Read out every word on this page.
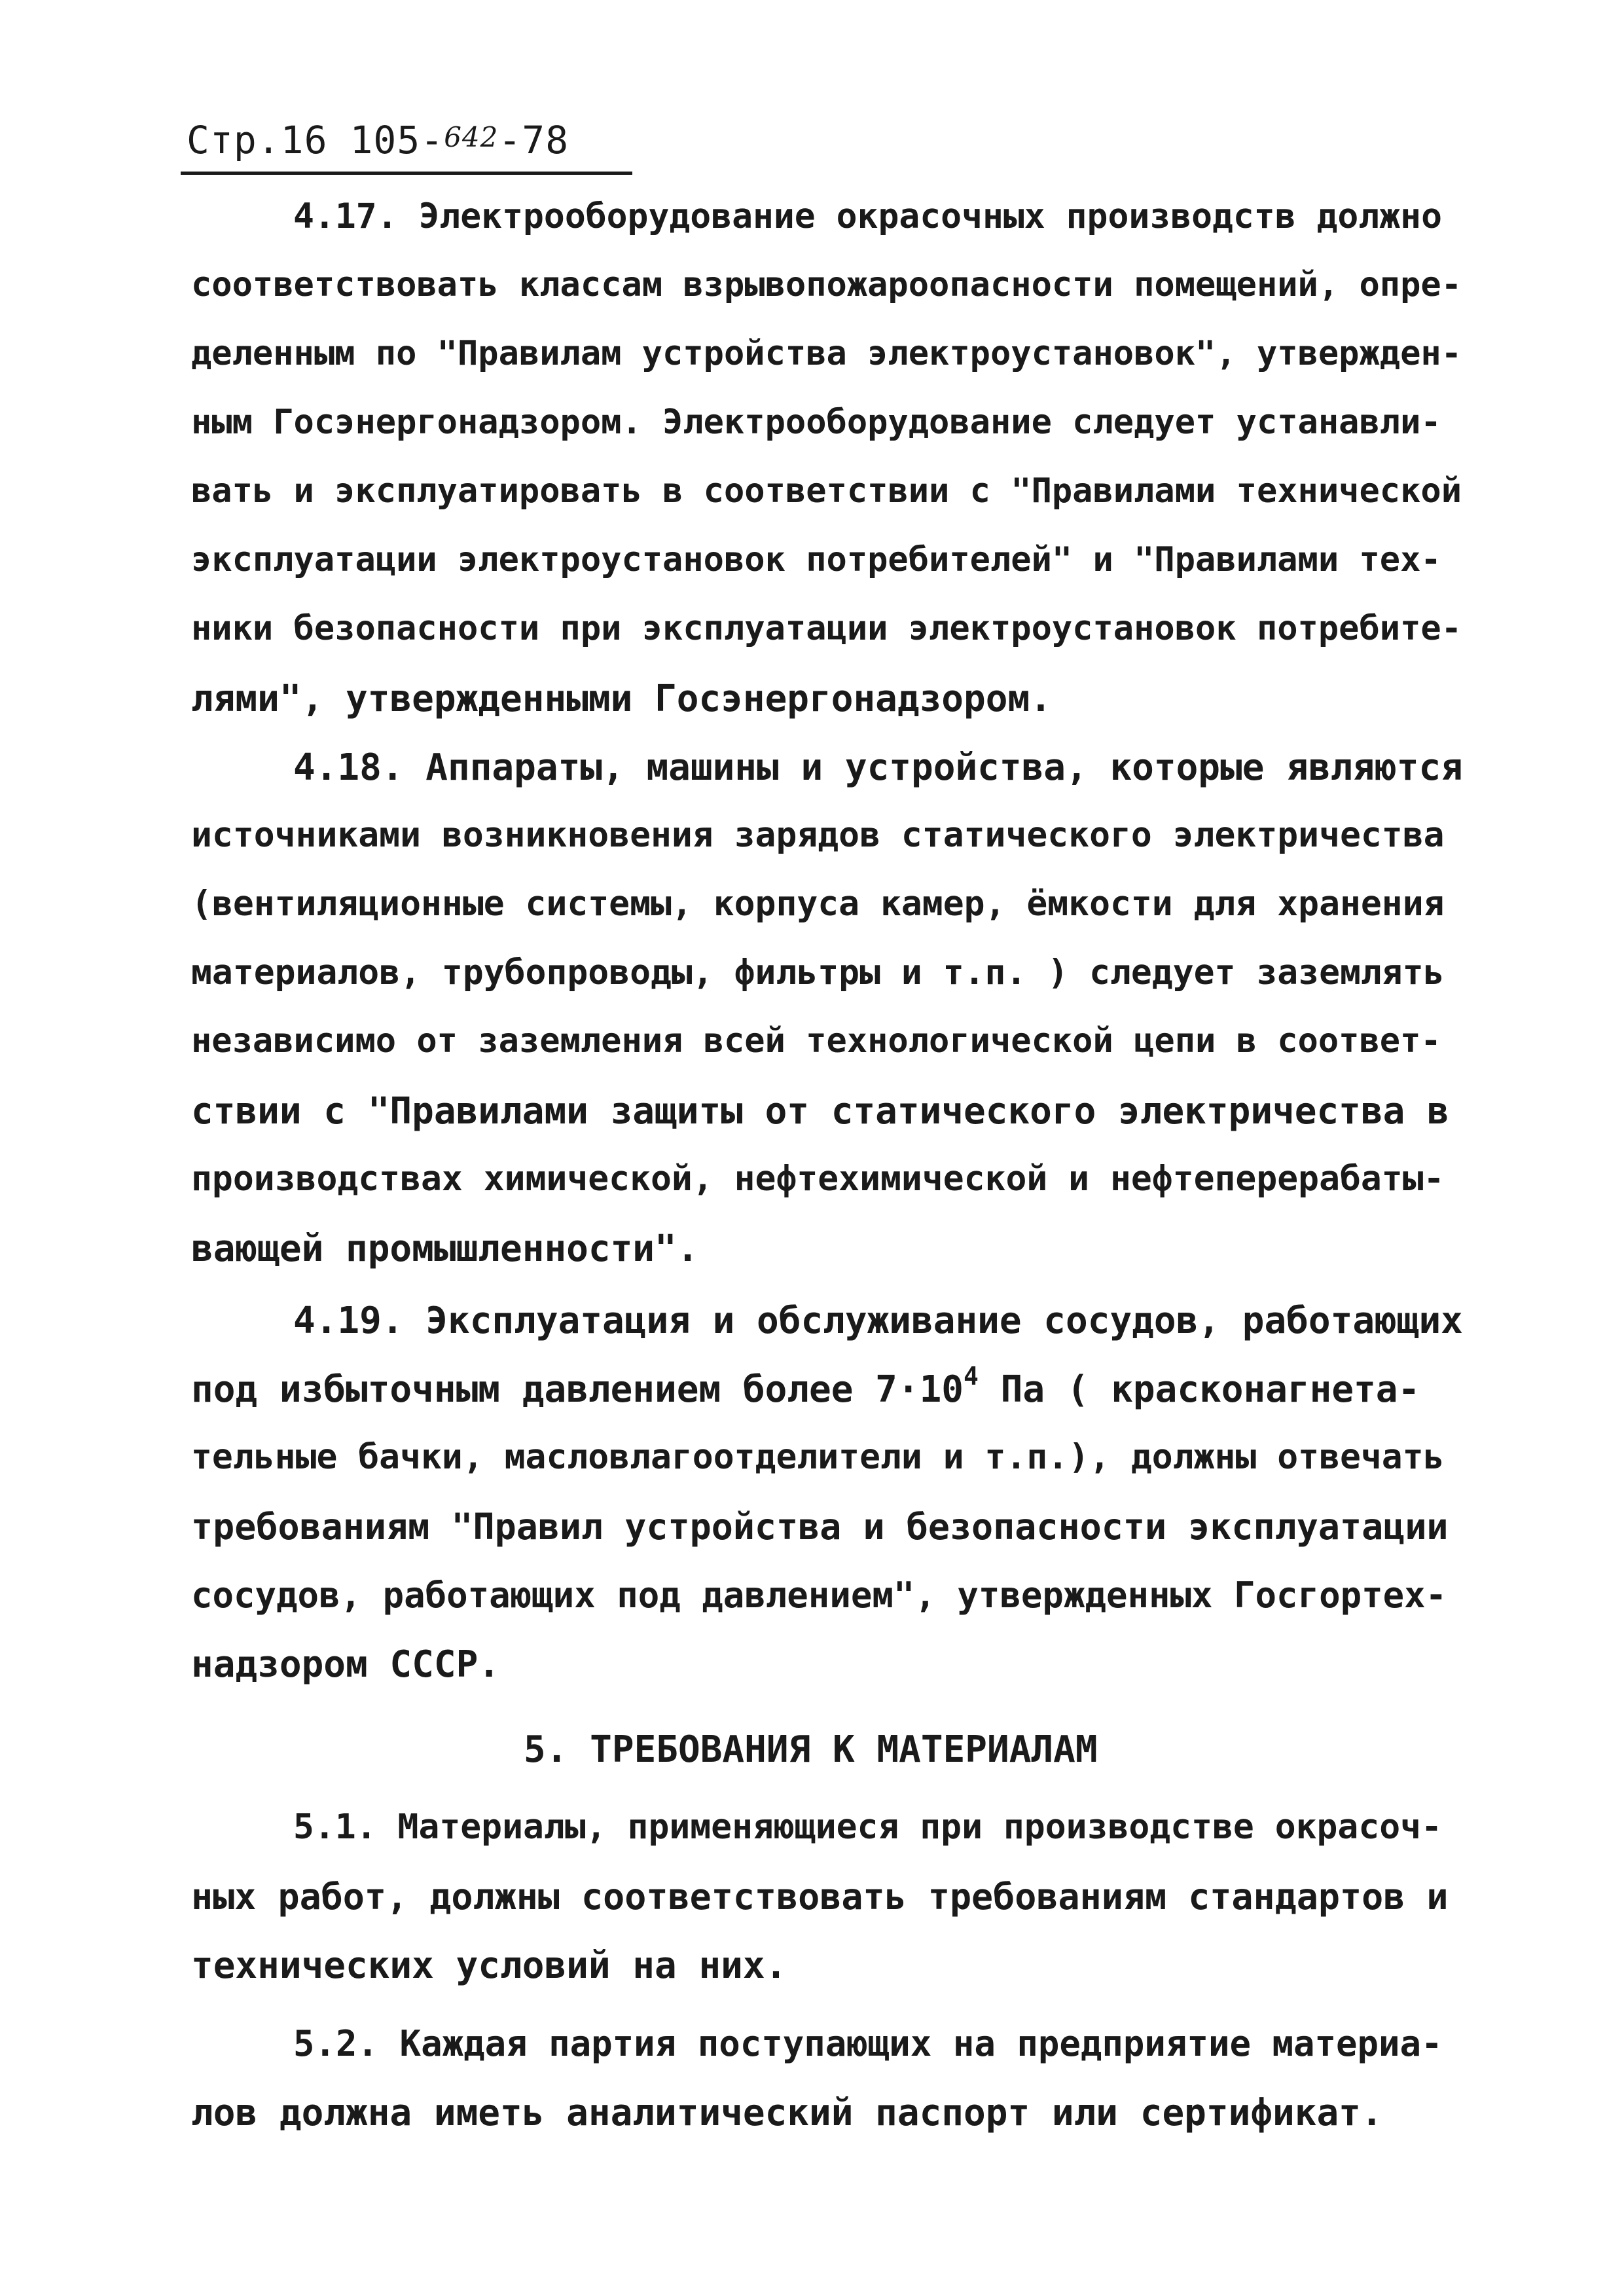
Стр.16 105-642-78
4.17. Электрооборудование окрасочных производств должно
соответствовать классам взрывопожароопасности помещений, опре-
деленным по "Правилам устройства электроустановок", утвержден-
ным Госэнергонадзором. Электрооборудование следует устанавли-
вать и эксплуатировать в соответствии с "Правилами технической
эксплуатации электроустановок потребителей" и "Правилами тех-
ники безопасности при эксплуатации электроустановок потребите-
лями", утвержденными Госэнергонадзором.
4.18. Аппараты, машины и устройства, которые являются
источниками возникновения зарядов статического электричества
(вентиляционные системы, корпуса камер, ёмкости для хранения
материалов, трубопроводы, фильтры и т.п. ) следует заземлять
независимо от заземления всей технологической цепи в соответ-
ствии с "Правилами защиты от статического электричества в
производствах химической, нефтехимической и нефтеперерабаты-
вающей промышленности".
4.19. Эксплуатация и обслуживание сосудов, работающих
под избыточным давлением более $7\cdot 10^4$ Па ( красконагнета-
тельные бачки, масловлагоотделители и т.п.), должны отвечать
требованиям "Правил устройства и безопасности эксплуатации
сосудов, работающих под давлением", утвержденных Госгортех-
надзором СССР.
5. ТРЕБОВАНИЯ К МАТЕРИАЛАМ
5.1. Материалы, применяющиеся при производстве окрасоч-
ных работ, должны соответствовать требованиям стандартов и
технических условий на них.
5.2. Каждая партия поступающих на предприятие материа-
лов должна иметь аналитический паспорт или сертификат.
